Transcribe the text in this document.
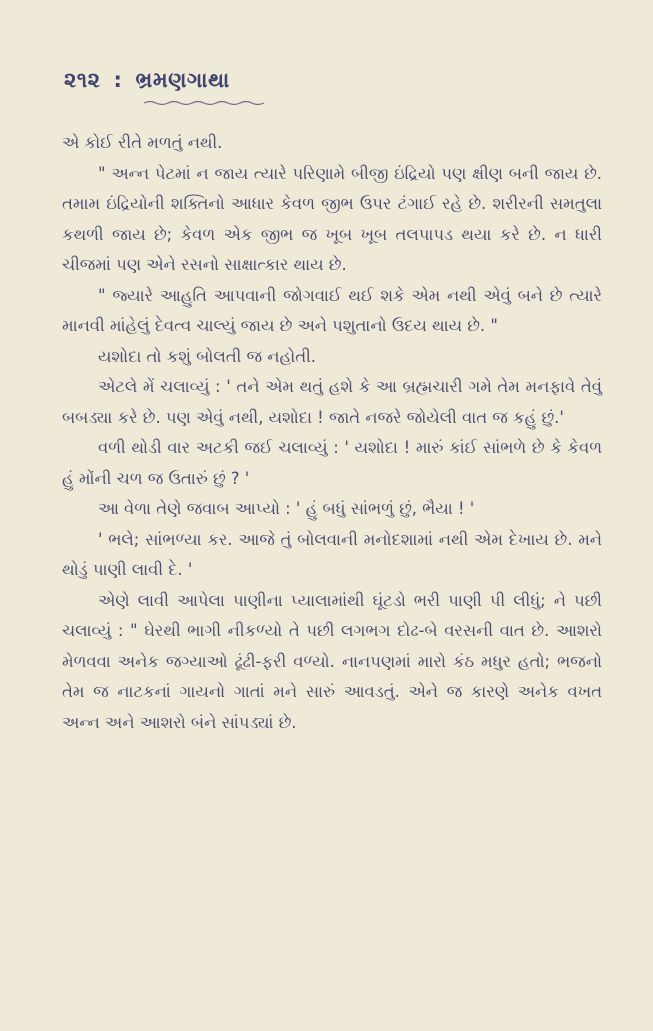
૨૧૨ : ભ્રમણગાથા

એ કોઈ રીતે મળતું નથી.

" અન્ન પેટમાં ન જાય ત્યારે પરિણામે બીજી ઇંદ્રિયો પણ ક્ષીણ બની જાય છે. તમામ ઇંદ્રિયોની શક્તિનો આધાર કેવળ જીભ ઉપર ટંગાઈ રહે છે. શરીરની સમતુલા કથળી જાય છે; કેવળ એક જીભ જ ખૂબ ખૂબ તલપાપડ થયા કરે છે. ન ધારી ચીજમાં પણ એને રસનો સાક્ષાત્કાર થાય છે.

" જ્યારે આહુતિ આપવાની જોગવાઈ થઈ શકે એમ નથી એવું બને છે ત્યારે માનવી માંહેલું દેવત્વ ચાલ્યું જાય છે અને પશુતાનો ઉદય થાય છે. "

યશોદા તો કશું બોલતી જ નહોતી.

એટલે મેં ચલાવ્યું : ' તને એમ થતું હશે કે આ બ્રહ્મચારી ગમે તેમ મનફાવે તેવું બબડ્યા કરે છે. પણ એવું નથી, યશોદા ! જાતે નજરે જોયેલી વાત જ કહું છું.'

વળી થોડી વાર અટકી જઈ ચલાવ્યું : ' યશોદા ! મારું કાંઈ સાંભળે છે કે કેવળ હું મોંની ચળ જ ઉતારું છું ? '

આ વેળા તેણે જવાબ આપ્યો : ' હું બધું સાંભળું છું, ભૈયા ! '

' ભલે; સાંભળ્યા કર. આજે તું બોલવાની મનોદશામાં નથી એમ દેખાય છે. મને થોડું પાણી લાવી દે. '

એણે લાવી આપેલા પાણીના પ્યાલામાંથી ઘૂંટડો ભરી પાણી પી લીધું; ને પછી ચલાવ્યું : " ઘેરથી ભાગી નીકળ્યો તે પછી લગભગ દોઢ-બે વરસની વાત છે. આશરો મેળવવા અનેક જગ્યાઓ ઢૂંઢી-ફરી વળ્યો. નાનપણમાં મારો કંઠ મધુર હતો; ભજનો તેમ જ નાટકનાં ગાયનો ગાતાં મને સારું આવડતું. એને જ કારણે અનેક વખત અન્ન અને આશરો બંને સાંપડ્યાં છે.
